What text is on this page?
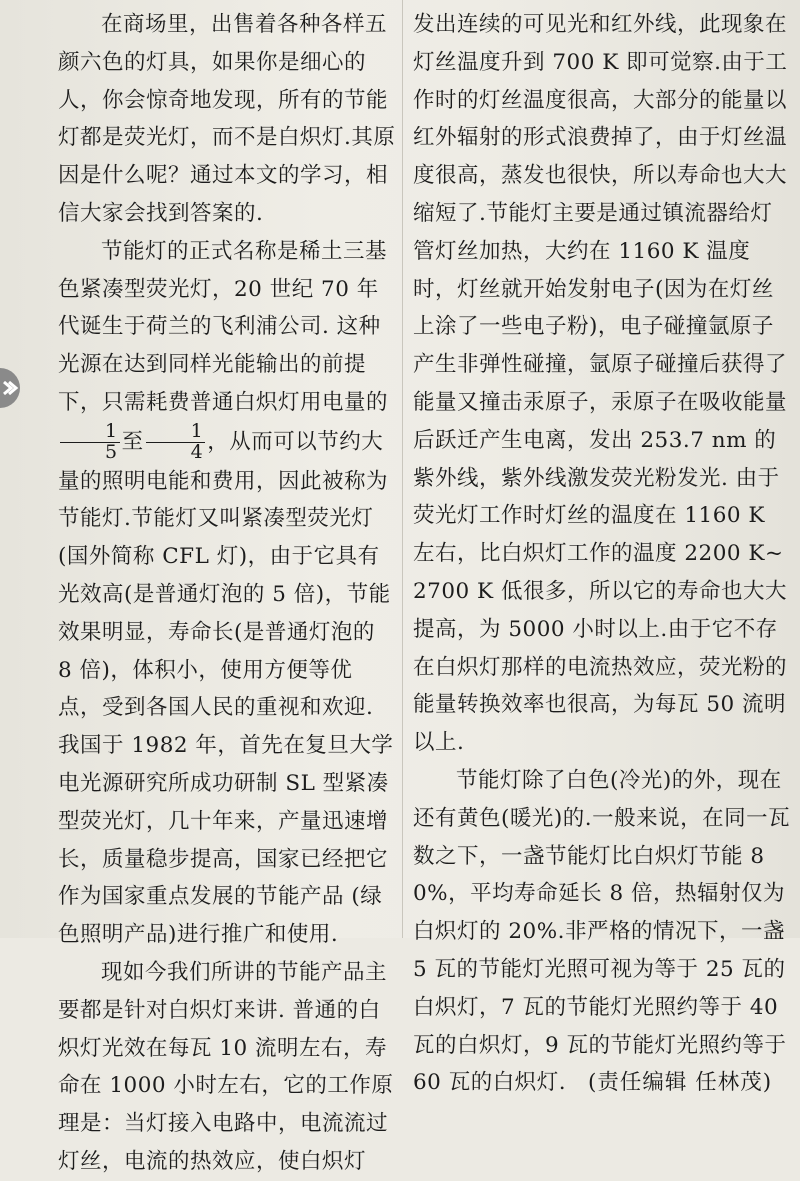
在商场里，出售着各种各样五颜六色的灯具，如果你是细心的人，你会惊奇地发现，所有的节能灯都是荧光灯，而不是白炽灯.其原因是什么呢？通过本文的学习，相信大家会找到答案的.

节能灯的正式名称是稀土三基色紧凑型荧光灯，20 世纪 70 年代诞生于荷兰的飞利浦公司. 这种光源在达到同样光能输出的前提下，只需耗费普通白炽灯用电量的
$\frac{1}{5}$ 至 $\frac{1}{4}$ ，从而可以节约大量的照明电能和费用，因此被称为节能灯.节能灯又叫紧凑型荧光灯(国外简称 CFL 灯)，由于它具有光效高(是普通灯泡的 5 倍)，节能效果明显，寿命长(是普通灯泡的 8 倍)，体积小，使用方便等优点，受到各国人民的重视和欢迎. 我国于 1982 年，首先在复旦大学电光源研究所成功研制 SL 型紧凑型荧光灯，几十年来，产量迅速增长，质量稳步提高，国家已经把它作为国家重点发展的节能产品 (绿色照明产品)进行推广和使用.

现如今我们所讲的节能产品主要都是针对白炽灯来讲. 普通的白炽灯光效在每瓦 10 流明左右，寿命在 1000 小时左右，它的工作原理是：当灯接入电路中，电流流过灯丝，电流的热效应，使白炽灯

发出连续的可见光和红外线，此现象在灯丝温度升到 700 K 即可觉察.由于工作时的灯丝温度很高，大部分的能量以红外辐射的形式浪费掉了，由于灯丝温度很高，蒸发也很快，所以寿命也大大缩短了.节能灯主要是通过镇流器给灯管灯丝加热，大约在 1160 K 温度时，灯丝就开始发射电子(因为在灯丝上涂了一些电子粉)，电子碰撞氩原子产生非弹性碰撞，氩原子碰撞后获得了能量又撞击汞原子，汞原子在吸收能量后跃迁产生电离，发出 253.7 nm 的紫外线，紫外线激发荧光粉发光. 由于荧光灯工作时灯丝的温度在 1160 K 左右，比白炽灯工作的温度 2200 K~2700 K 低很多，所以它的寿命也大大提高，为 5000 小时以上.由于它不存在白炽灯那样的电流热效应，荧光粉的能量转换效率也很高，为每瓦 50 流明以上.

节能灯除了白色(冷光)的外，现在还有黄色(暖光)的.一般来说，在同一瓦数之下，一盏节能灯比白炽灯节能 80%，平均寿命延长 8 倍，热辐射仅为白炽灯的 20%.非严格的情况下，一盏 5 瓦的节能灯光照可视为等于 25 瓦的白炽灯，7 瓦的节能灯光照约等于 40 瓦的白炽灯，9 瓦的节能灯光照约等于 60 瓦的白炽灯. (责任编辑 任林茂)
